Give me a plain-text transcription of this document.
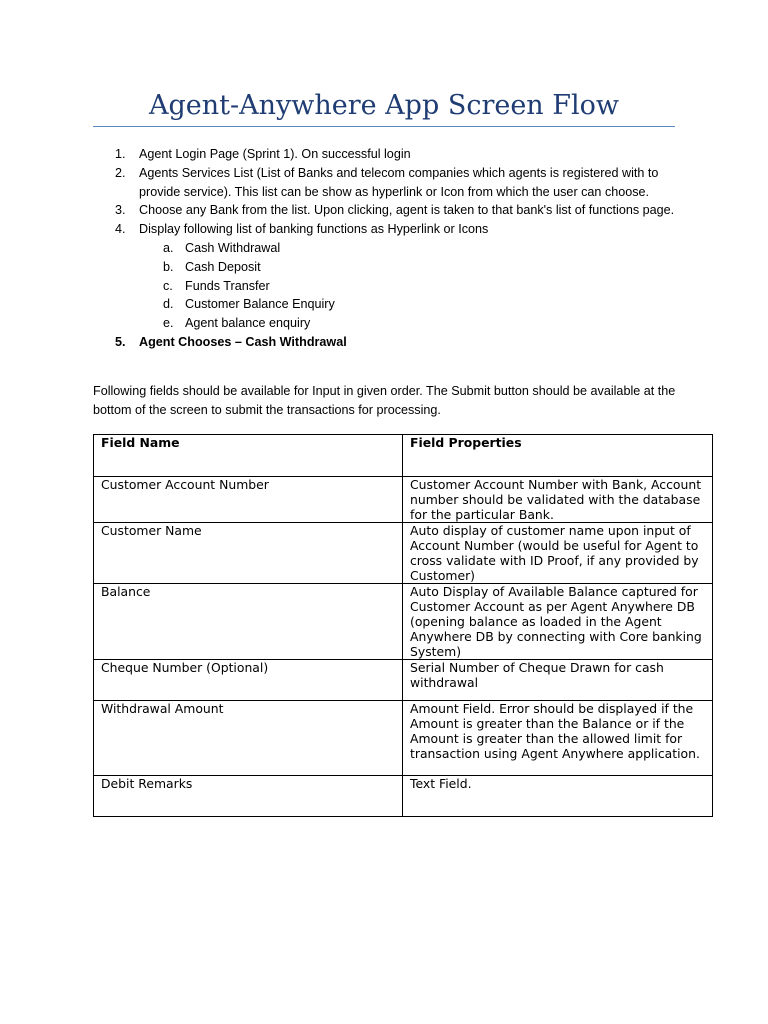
Agent-Anywhere App Screen Flow
1. Agent Login Page (Sprint 1). On successful login
2. Agents Services List (List of Banks and telecom companies which agents is registered with to provide service). This list can be show as hyperlink or Icon from which the user can choose.
3. Choose any Bank from the list. Upon clicking, agent is taken to that bank's list of functions page.
4. Display following list of banking functions as Hyperlink or Icons
a. Cash Withdrawal
b. Cash Deposit
c. Funds Transfer
d. Customer Balance Enquiry
e. Agent balance enquiry
5. Agent Chooses – Cash Withdrawal
Following fields should be available for Input in given order. The Submit button should be available at the bottom of the screen to submit the transactions for processing.
Field Name	Field Properties
Customer Account Number	Customer Account Number with Bank, Account number should be validated with the database for the particular Bank.
Customer Name	Auto display of customer name upon input of Account Number (would be useful for Agent to cross validate with ID Proof, if any provided by Customer)
Balance	Auto Display of Available Balance captured for Customer Account as per Agent Anywhere DB (opening balance as loaded in the Agent Anywhere DB by connecting with Core banking System)
Cheque Number (Optional)	Serial Number of Cheque Drawn for cash withdrawal
Withdrawal Amount	Amount Field. Error should be displayed if the Amount is greater than the Balance or if the Amount is greater than the allowed limit for transaction using Agent Anywhere application.
Debit Remarks	Text Field.
